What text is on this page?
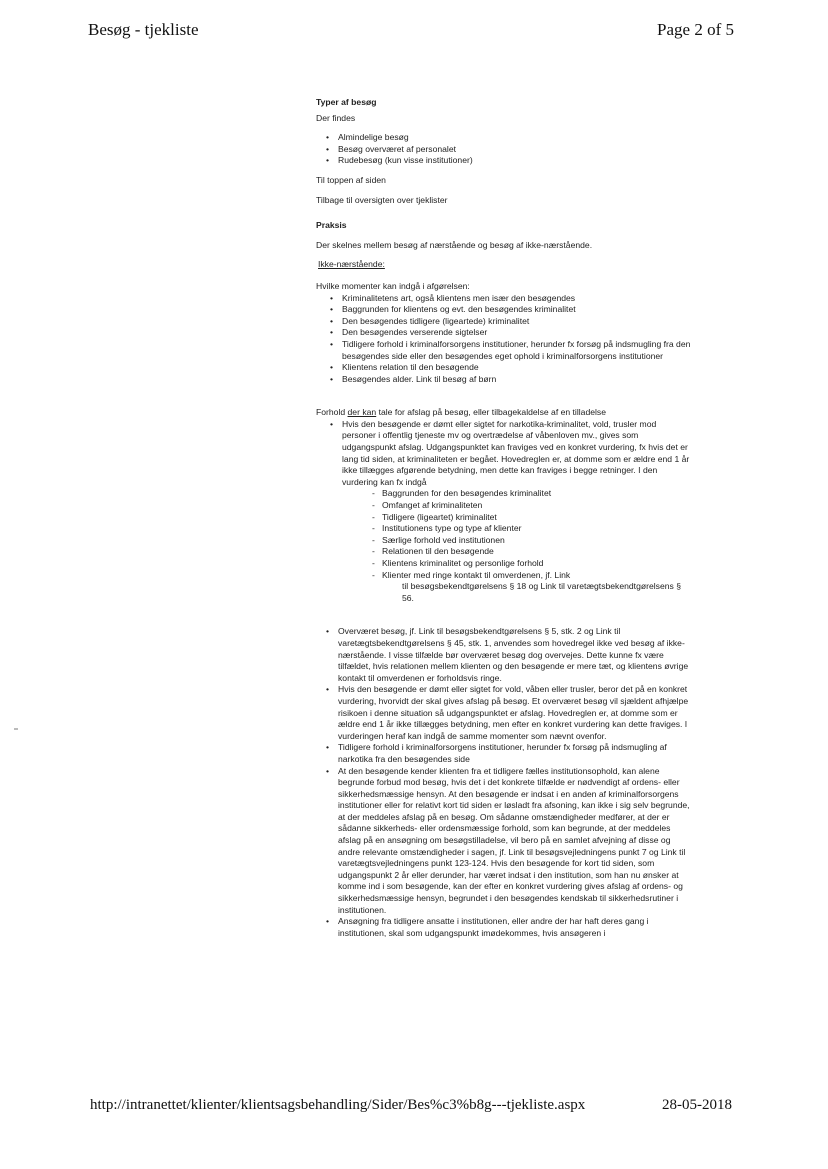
Besøg - tjekliste	Page 2 of 5

Typer af besøg

Der findes

• Almindelige besøg
• Besøg overværet af personalet
• Rudebesøg (kun visse institutioner)

Til toppen af siden

Tilbage til oversigten over tjeklister

Praksis

Der skelnes mellem besøg af nærstående og besøg af ikke-nærstående.

Ikke-nærstående:

Hvilke momenter kan indgå i afgørelsen:

• Kriminalitetens art, også klientens men især den besøgendes
• Baggrunden for klientens og evt. den besøgendes kriminalitet
• Den besøgendes tidligere (ligeartede) kriminalitet
• Den besøgendes verserende sigtelser
• Tidligere forhold i kriminalforsorgens institutioner, herunder fx forsøg på indsmugling fra den besøgendes side eller den besøgendes eget ophold i kriminalforsorgens institutioner
• Klientens relation til den besøgende
• Besøgendes alder. Link til besøg af børn

Forhold der kan tale for afslag på besøg, eller tilbagekaldelse af en tilladelse

• Hvis den besøgende er dømt eller sigtet for narkotika-kriminalitet, vold, trusler mod personer i offentlig tjeneste mv og overtrædelse af våbenloven mv., gives som udgangspunkt afslag. Udgangspunktet kan fraviges ved en konkret vurdering, fx hvis det er lang tid siden, at kriminaliteten er begået. Hovedreglen er, at domme som er ældre end 1 år ikke tillægges afgørende betydning, men dette kan fraviges i begge retninger. I den vurdering kan fx indgå
- Baggrunden for den besøgendes kriminalitet
- Omfanget af kriminaliteten
- Tidligere (ligeartet) kriminalitet
- Institutionens type og type af klienter
- Særlige forhold ved institutionen
- Relationen til den besøgende
- Klientens kriminalitet og personlige forhold
- Klienter med ringe kontakt til omverdenen, jf. Link

til besøgsbekendtgørelsens § 18 og Link til varetægtsbekendtgørelsens § 56.

• Overværet besøg, jf. Link til besøgsbekendtgørelsens § 5, stk. 2 og Link til varetægtsbekendtgørelsens § 45, stk. 1, anvendes som hovedregel ikke ved besøg af ikke-nærstående. I visse tilfælde bør overværet besøg dog overvejes. Dette kunne fx være tilfældet, hvis relationen mellem klienten og den besøgende er mere tæt, og klientens øvrige kontakt til omverdenen er forholdsvis ringe.
• Hvis den besøgende er dømt eller sigtet for vold, våben eller trusler, beror det på en konkret vurdering, hvorvidt der skal gives afslag på besøg. Et overværet besøg vil sjældent afhjælpe risikoen i denne situation så udgangspunktet er afslag. Hovedreglen er, at domme som er ældre end 1 år ikke tillægges betydning, men efter en konkret vurdering kan dette fraviges. I vurderingen heraf kan indgå de samme momenter som nævnt ovenfor.
• Tidligere forhold i kriminalforsorgens institutioner, herunder fx forsøg på indsmugling af narkotika fra den besøgendes side
• At den besøgende kender klienten fra et tidligere fælles institutionsophold, kan alene begrunde forbud mod besøg, hvis det i det konkrete tilfælde er nødvendigt af ordens- eller sikkerhedsmæssige hensyn. At den besøgende er indsat i en anden af kriminalforsorgens institutioner eller for relativt kort tid siden er løsladt fra afsoning, kan ikke i sig selv begrunde, at der meddeles afslag på en besøg. Om sådanne omstændigheder medfører, at der er sådanne sikkerheds- eller ordensmæssige forhold, som kan begrunde, at der meddeles afslag på en ansøgning om besøgstilladelse, vil bero på en samlet afvejning af disse og andre relevante omstændigheder i sagen, jf. Link til besøgsvejledningens punkt 7 og Link til varetægtsvejledningens punkt 123-124. Hvis den besøgende for kort tid siden, som udgangspunkt 2 år eller derunder, har været indsat i den institution, som han nu ønsker at komme ind i som besøgende, kan der efter en konkret vurdering gives afslag af ordens- og sikkerhedsmæssige hensyn, begrundet i den besøgendes kendskab til sikkerhedsrutiner i institutionen.
• Ansøgning fra tidligere ansatte i institutionen, eller andre der har haft deres gang i institutionen, skal som udgangspunkt imødekommes, hvis ansøgeren i
http://intranettet/klienter/klientsagsbehandling/Sider/Bes%c3%b8g---tjekliste.aspx	28-05-2018
